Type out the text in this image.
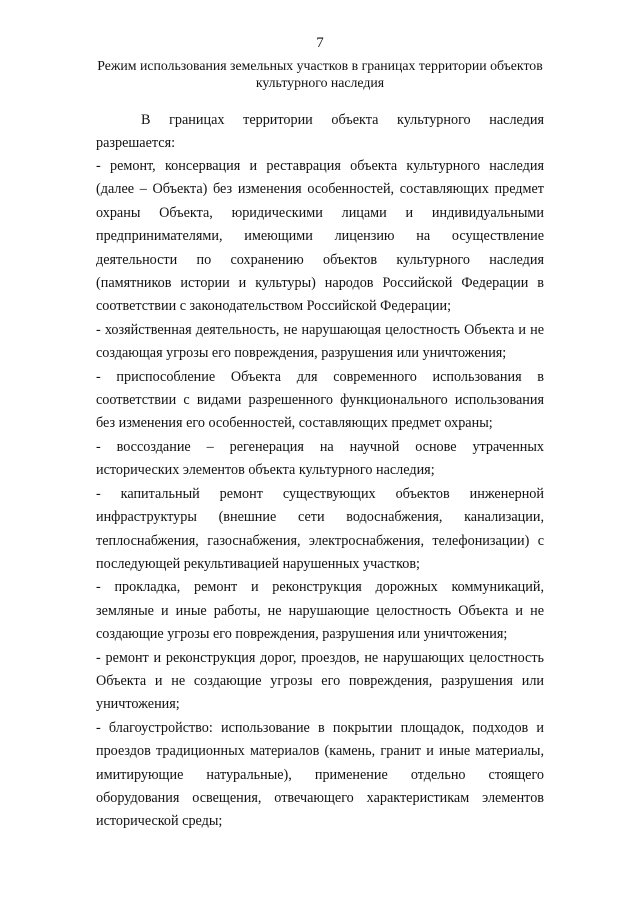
7
Режим использования земельных участков в границах территории объектов культурного наследия

В границах территории объекта культурного наследия разрешается:

- ремонт, консервация и реставрация объекта культурного наследия (далее – Объекта) без изменения особенностей, составляющих предмет охраны Объекта, юридическими лицами и индивидуальными предпринимателями, имеющими лицензию на осуществление деятельности по сохранению объектов культурного наследия (памятников истории и культуры) народов Российской Федерации в соответствии с законодательством Российской Федерации;

- хозяйственная деятельность, не нарушающая целостность Объекта и не создающая угрозы его повреждения, разрушения или уничтожения;

- приспособление Объекта для современного использования в соответствии с видами разрешенного функционального использования без изменения его особенностей, составляющих предмет охраны;

- воссоздание – регенерация на научной основе утраченных исторических элементов объекта культурного наследия;

- капитальный ремонт существующих объектов инженерной инфраструктуры (внешние сети водоснабжения, канализации, теплоснабжения, газоснабжения, электроснабжения, телефонизации) с последующей рекультивацией нарушенных участков;

- прокладка, ремонт и реконструкция дорожных коммуникаций, земляные и иные работы, не нарушающие целостность Объекта и не создающие угрозы его повреждения, разрушения или уничтожения;

- ремонт и реконструкция дорог, проездов, не нарушающих целостность Объекта и не создающие угрозы его повреждения, разрушения или уничтожения;

- благоустройство: использование в покрытии площадок, подходов и проездов традиционных материалов (камень, гранит и иные материалы, имитирующие натуральные), применение отдельно стоящего оборудования освещения, отвечающего характеристикам элементов исторической среды;
